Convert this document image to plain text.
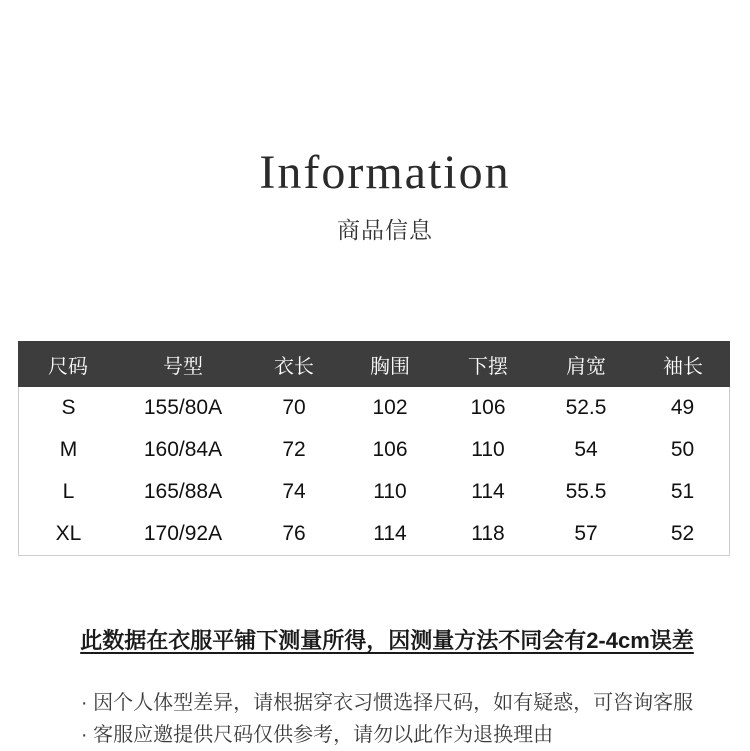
Information
商品信息
尺码	号型	衣长	胸围	下摆	肩宽	袖长
S	155/80A	70	102	106	52.5	49
M	160/84A	72	106	110	54	50
L	165/88A	74	110	114	55.5	51
XL	170/92A	76	114	118	57	52
此数据在衣服平铺下测量所得，因测量方法不同会有2-4cm误差
· 因个人体型差异，请根据穿衣习惯选择尺码，如有疑惑，可咨询客服
· 客服应邀提供尺码仅供参考，请勿以此作为退换理由
